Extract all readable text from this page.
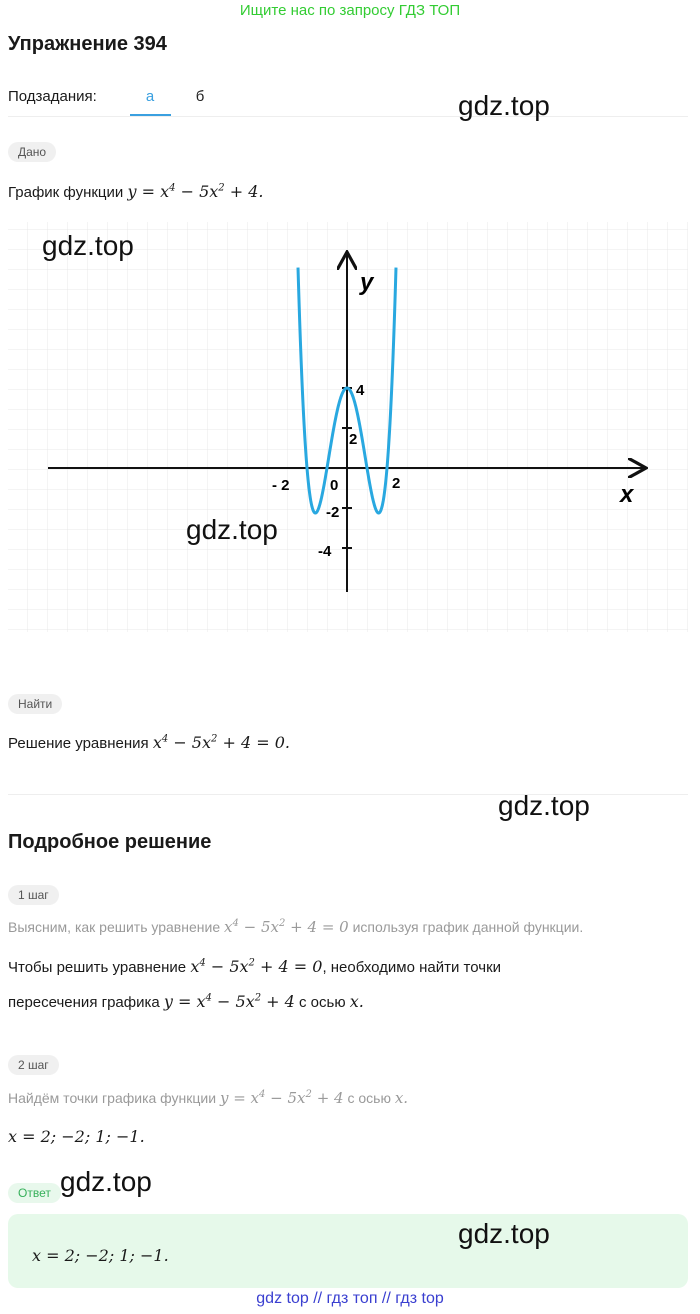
Ищите нас по запросу ГДЗ ТОП
Упражнение 394
Подзадания:	а	б	gdz.top
Дано
График функции $y = x^4 - 5x^2 + 4$.
x
y
- 2	0	2
-2
-4
2
4
gdz.top
gdz.top
Найти
Решение уравнения $x^4 - 5x^2 + 4 = 0$.
gdz.top
Подробное решение
1 шаг
Выясним, как решить уравнение $x^4 - 5x^2 + 4 = 0$ используя график данной функции.
Чтобы решить уравнение $x^4 - 5x^2 + 4 = 0$, необходимо найти точки
пересечения графика $y = x^4 - 5x^2 + 4$ с осью x.
2 шаг
Найдём точки графика функции $y = x^4 - 5x^2 + 4$ с осью x.
x = 2; −2; 1; −1.
Ответ gdz.top
x = 2; −2; 1; −1.
gdz.top
gdz top // гдз топ // гдз top
